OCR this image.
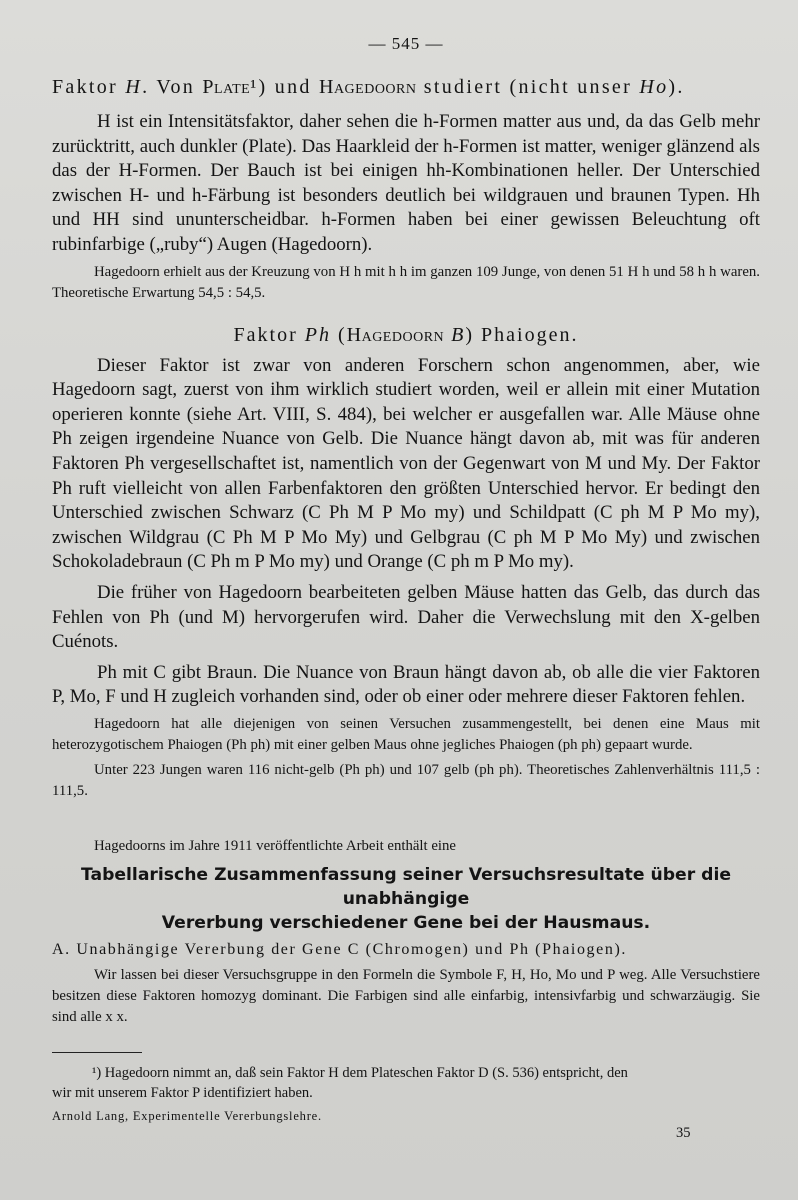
— 545 —
Faktor H. Von Plate¹) und Hagedoorn studiert (nicht unser Ho).

H ist ein Intensitätsfaktor, daher sehen die h-Formen matter aus und, da das Gelb mehr zurücktritt, auch dunkler (Plate). Das Haarkleid der h-Formen ist matter, weniger glänzend als das der H-Formen. Der Bauch ist bei einigen hh-Kombinationen heller. Der Unterschied zwischen H- und h-Färbung ist besonders deutlich bei wildgrauen und braunen Typen. Hh und HH sind ununterscheidbar. h-Formen haben bei einer gewissen Beleuchtung oft rubinfarbige („ruby“) Augen (Hagedoorn).

Hagedoorn erhielt aus der Kreuzung von H h mit h h im ganzen 109 Junge, von denen 51 H h und 58 h h waren. Theoretische Erwartung 54,5 : 54,5.

Faktor Ph (Hagedoorn B) Phaiogen.

Dieser Faktor ist zwar von anderen Forschern schon angenommen, aber, wie Hagedoorn sagt, zuerst von ihm wirklich studiert worden, weil er allein mit einer Mutation operieren konnte (siehe Art. VIII, S. 484), bei welcher er ausgefallen war. Alle Mäuse ohne Ph zeigen irgendeine Nuance von Gelb. Die Nuance hängt davon ab, mit was für anderen Faktoren Ph vergesellschaftet ist, namentlich von der Gegenwart von M und My. Der Faktor Ph ruft vielleicht von allen Farbenfaktoren den größten Unterschied hervor. Er bedingt den Unterschied zwischen Schwarz (C Ph M P Mo my) und Schildpatt (C ph M P Mo my), zwischen Wildgrau (C Ph M P Mo My) und Gelbgrau (C ph M P Mo My) und zwischen Schokoladebraun (C Ph m P Mo my) und Orange (C ph m P Mo my).

Die früher von Hagedoorn bearbeiteten gelben Mäuse hatten das Gelb, das durch das Fehlen von Ph (und M) hervorgerufen wird. Daher die Verwechslung mit den X-gelben Cuénots.

Ph mit C gibt Braun. Die Nuance von Braun hängt davon ab, ob alle die vier Faktoren P, Mo, F und H zugleich vorhanden sind, oder ob einer oder mehrere dieser Faktoren fehlen.

Hagedoorn hat alle diejenigen von seinen Versuchen zusammengestellt, bei denen eine Maus mit heterozygotischem Phaiogen (Ph ph) mit einer gelben Maus ohne jegliches Phaiogen (ph ph) gepaart wurde.

Unter 223 Jungen waren 116 nicht-gelb (Ph ph) und 107 gelb (ph ph). Theoretisches Zahlenverhältnis 111,5 : 111,5.

Hagedoorns im Jahre 1911 veröffentlichte Arbeit enthält eine

Tabellarische Zusammenfassung seiner Versuchsresultate über die unabhängige
Vererbung verschiedener Gene bei der Hausmaus.
A. Unabhängige Vererbung der Gene C (Chromogen) und Ph (Phaiogen).

Wir lassen bei dieser Versuchsgruppe in den Formeln die Symbole F, H, Ho, Mo und P weg. Alle Versuchstiere besitzen diese Faktoren homozyg dominant. Die Farbigen sind alle einfarbig, intensivfarbig und schwarzäugig. Sie sind alle x x.

¹) Hagedoorn nimmt an, daß sein Faktor H dem Plateschen Faktor D (S. 536) entspricht, den wir mit unserem Faktor P identifiziert haben.

Arnold Lang, Experimentelle Vererbungslehre.
35
